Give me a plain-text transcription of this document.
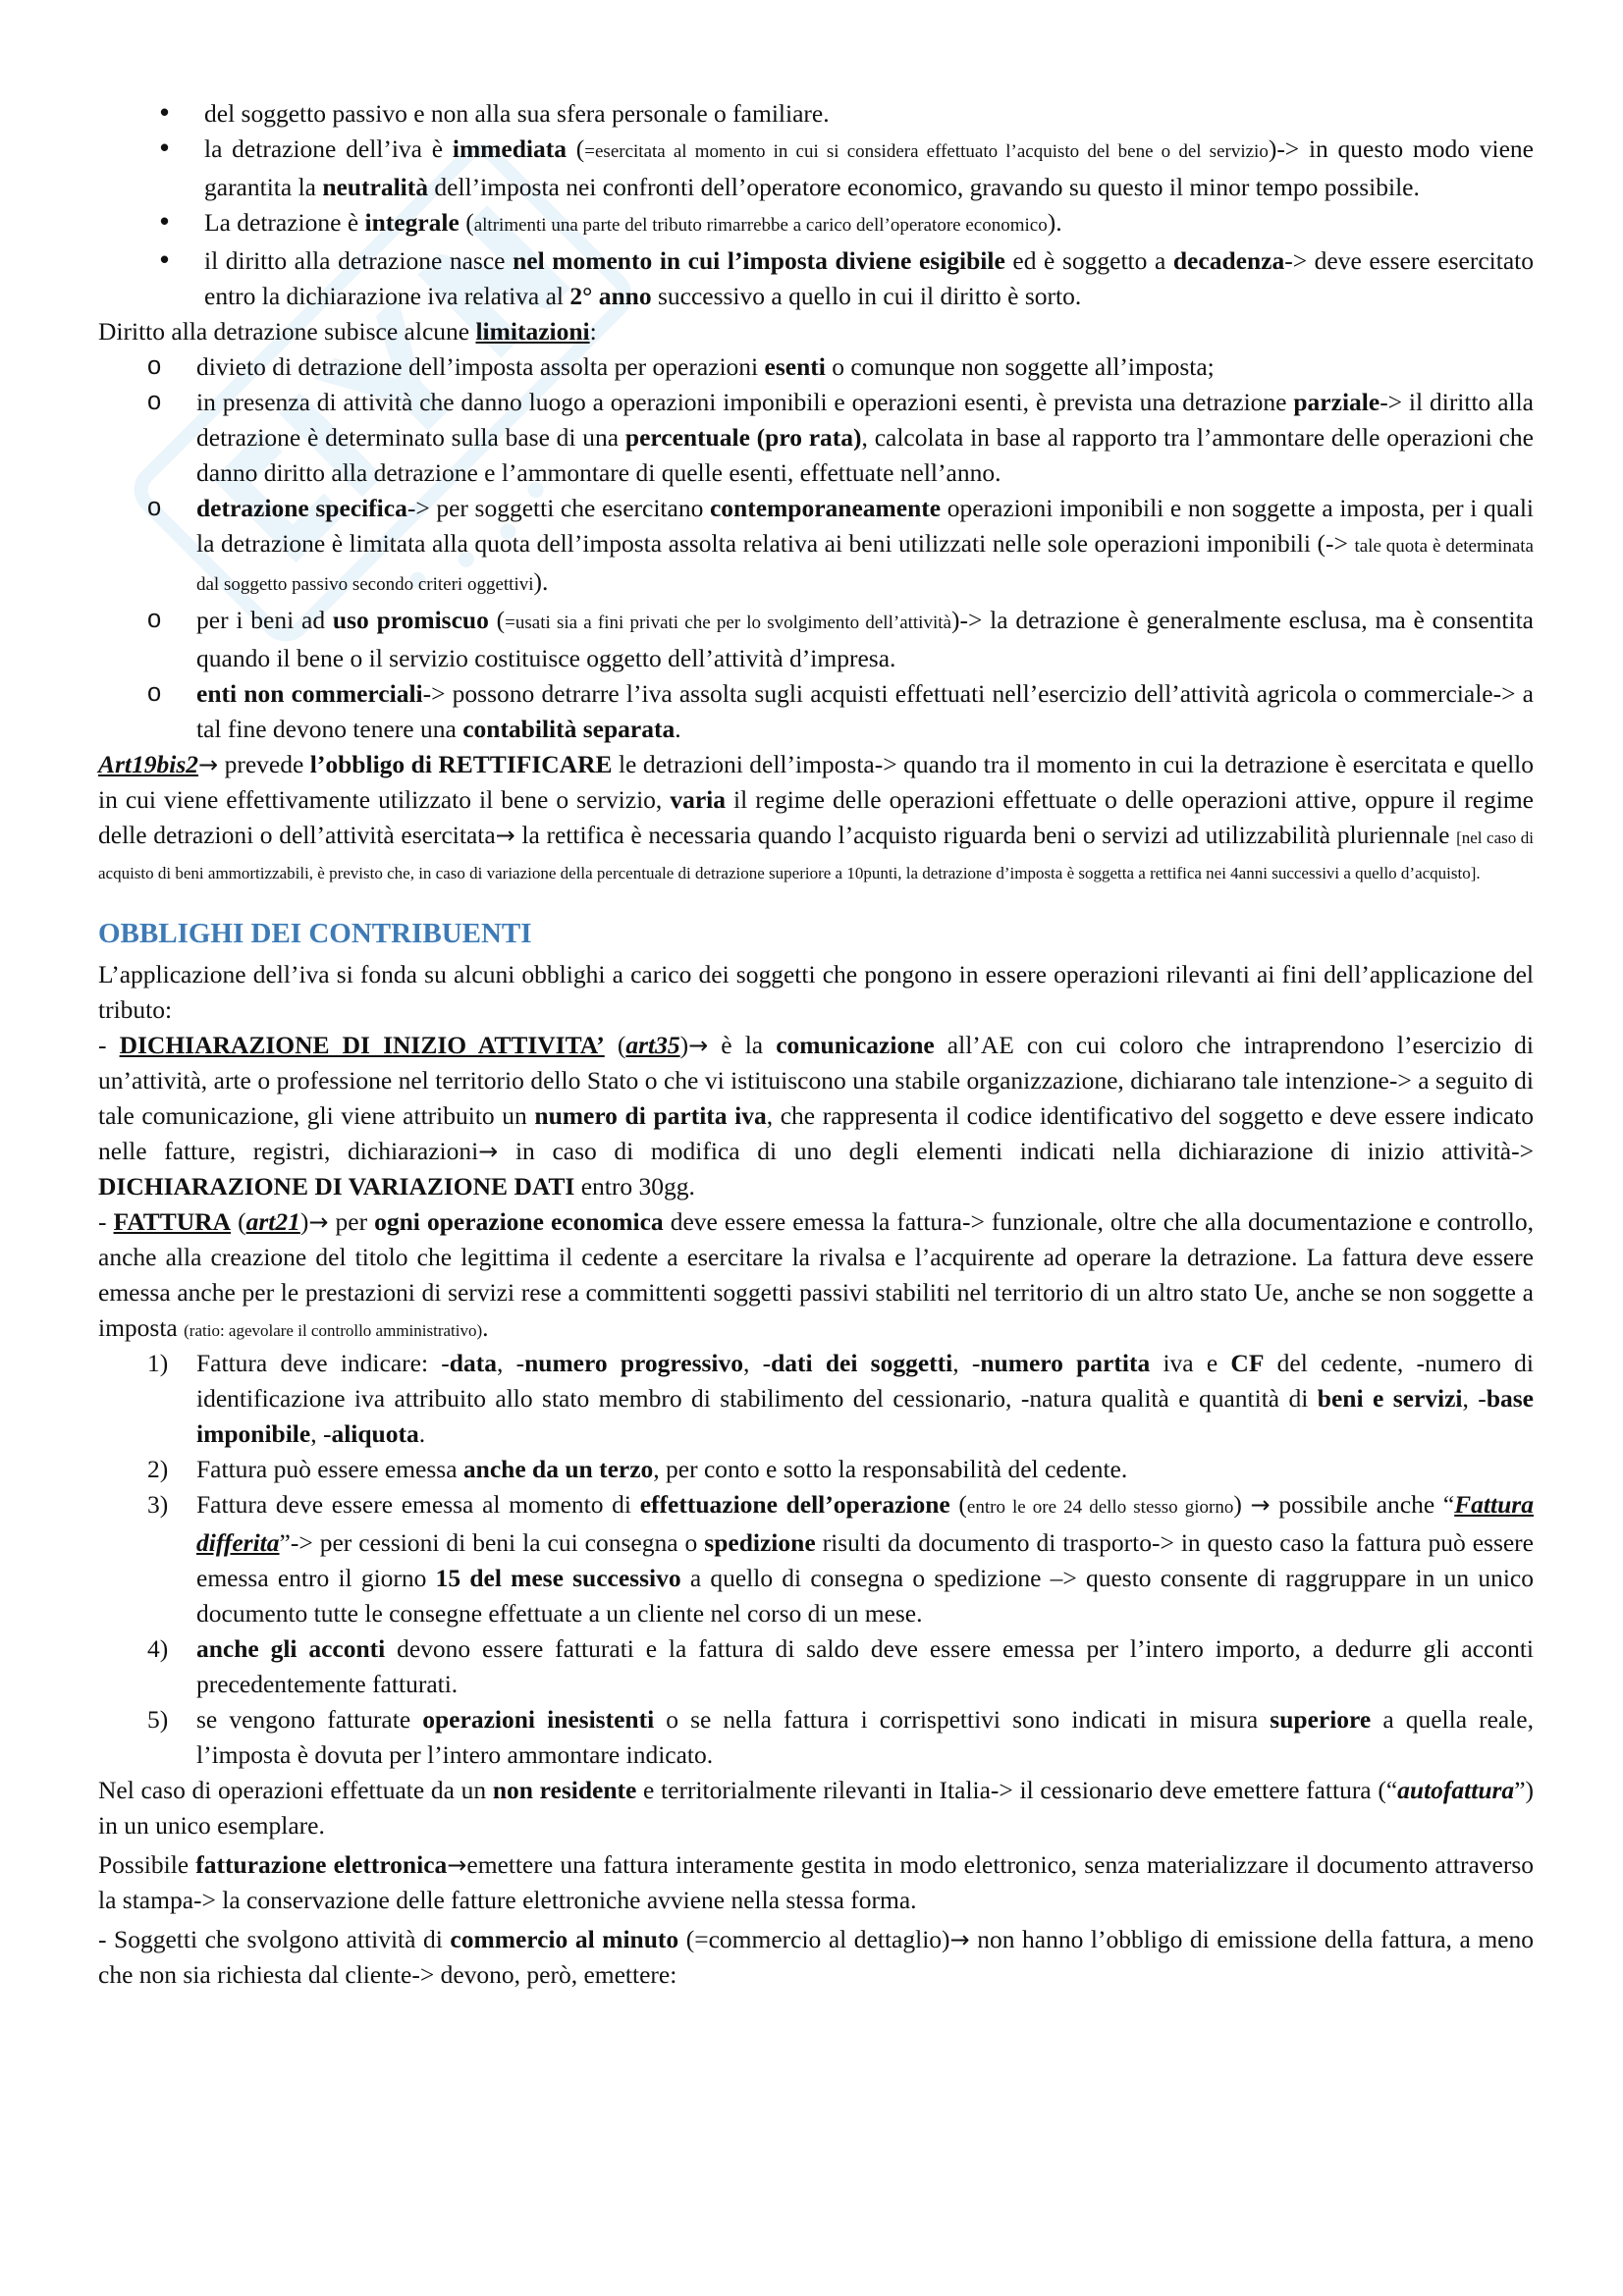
• del soggetto passivo e non alla sua sfera personale o familiare.
• la detrazione dell’iva è immediata (=esercitata al momento in cui si considera effettuato l’acquisto del bene o del servizio)-> in questo modo viene garantita la neutralità dell’imposta nei confronti dell’operatore economico, gravando su questo il minor tempo possibile.
• La detrazione è integrale (altrimenti una parte del tributo rimarrebbe a carico dell’operatore economico).
• il diritto alla detrazione nasce nel momento in cui l’imposta diviene esigibile ed è soggetto a decadenza-> deve essere esercitato entro la dichiarazione iva relativa al 2° anno successivo a quello in cui il diritto è sorto.

Diritto alla detrazione subisce alcune limitazioni:

o divieto di detrazione dell’imposta assolta per operazioni esenti o comunque non soggette all’imposta;
o in presenza di attività che danno luogo a operazioni imponibili e operazioni esenti, è prevista una detrazione parziale-> il diritto alla detrazione è determinato sulla base di una percentuale (pro rata), calcolata in base al rapporto tra l’ammontare delle operazioni che danno diritto alla detrazione e l’ammontare di quelle esenti, effettuate nell’anno.
o detrazione specifica-> per soggetti che esercitano contemporaneamente operazioni imponibili e non soggette a imposta, per i quali la detrazione è limitata alla quota dell’imposta assolta relativa ai beni utilizzati nelle sole operazioni imponibili (-> tale quota è determinata dal soggetto passivo secondo criteri oggettivi).
o per i beni ad uso promiscuo (=usati sia a fini privati che per lo svolgimento dell’attività)-> la detrazione è generalmente esclusa, ma è consentita quando il bene o il servizio costituisce oggetto dell’attività d’impresa.
o enti non commerciali-> possono detrarre l’iva assolta sugli acquisti effettuati nell’esercizio dell’attività agricola o commerciale-> a tal fine devono tenere una contabilità separata.

Art19bis2→ prevede l’obbligo di RETTIFICARE le detrazioni dell’imposta-> quando tra il momento in cui la detrazione è esercitata e quello in cui viene effettivamente utilizzato il bene o servizio, varia il regime delle operazioni effettuate o delle operazioni attive, oppure il regime delle detrazioni o dell’attività esercitata→ la rettifica è necessaria quando l’acquisto riguarda beni o servizi ad utilizzabilità pluriennale [nel caso di acquisto di beni ammortizzabili, è previsto che, in caso di variazione della percentuale di detrazione superiore a 10punti, la detrazione d’imposta è soggetta a rettifica nei 4anni successivi a quello d’acquisto].

OBBLIGHI DEI CONTRIBUENTI

L’applicazione dell’iva si fonda su alcuni obblighi a carico dei soggetti che pongono in essere operazioni rilevanti ai fini dell’applicazione del tributo:

- DICHIARAZIONE DI INIZIO ATTIVITA’ (art35)→ è la comunicazione all’AE con cui coloro che intraprendono l’esercizio di un’attività, arte o professione nel territorio dello Stato o che vi istituiscono una stabile organizzazione, dichiarano tale intenzione-> a seguito di tale comunicazione, gli viene attribuito un numero di partita iva, che rappresenta il codice identificativo del soggetto e deve essere indicato nelle fatture, registri, dichiarazioni→ in caso di modifica di uno degli elementi indicati nella dichiarazione di inizio attività-> DICHIARAZIONE DI VARIAZIONE DATI entro 30gg.

- FATTURA (art21)→ per ogni operazione economica deve essere emessa la fattura-> funzionale, oltre che alla documentazione e controllo, anche alla creazione del titolo che legittima il cedente a esercitare la rivalsa e l’acquirente ad operare la detrazione. La fattura deve essere emessa anche per le prestazioni di servizi rese a committenti soggetti passivi stabiliti nel territorio di un altro stato Ue, anche se non soggette a imposta (ratio: agevolare il controllo amministrativo).

1) Fattura deve indicare: -data, -numero progressivo, -dati dei soggetti, -numero partita iva e CF del cedente, -numero di identificazione iva attribuito allo stato membro di stabilimento del cessionario, -natura qualità e quantità di beni e servizi, -base imponibile, -aliquota.
2) Fattura può essere emessa anche da un terzo, per conto e sotto la responsabilità del cedente.
3) Fattura deve essere emessa al momento di effettuazione dell’operazione (entro le ore 24 dello stesso giorno) → possibile anche “Fattura differita”-> per cessioni di beni la cui consegna o spedizione risulti da documento di trasporto-> in questo caso la fattura può essere emessa entro il giorno 15 del mese successivo a quello di consegna o spedizione –> questo consente di raggruppare in un unico documento tutte le consegne effettuate a un cliente nel corso di un mese.
4) anche gli acconti devono essere fatturati e la fattura di saldo deve essere emessa per l’intero importo, a dedurre gli acconti precedentemente fatturati.
5) se vengono fatturate operazioni inesistenti o se nella fattura i corrispettivi sono indicati in misura superiore a quella reale, l’imposta è dovuta per l’intero ammontare indicato.

Nel caso di operazioni effettuate da un non residente e territorialmente rilevanti in Italia-> il cessionario deve emettere fattura (“autofattura”) in un unico esemplare.

Possibile fatturazione elettronica→emettere una fattura interamente gestita in modo elettronico, senza materializzare il documento attraverso la stampa-> la conservazione delle fatture elettroniche avviene nella stessa forma.

- Soggetti che svolgono attività di commercio al minuto (=commercio al dettaglio)→ non hanno l’obbligo di emissione della fattura, a meno che non sia richiesta dal cliente-> devono, però, emettere:
